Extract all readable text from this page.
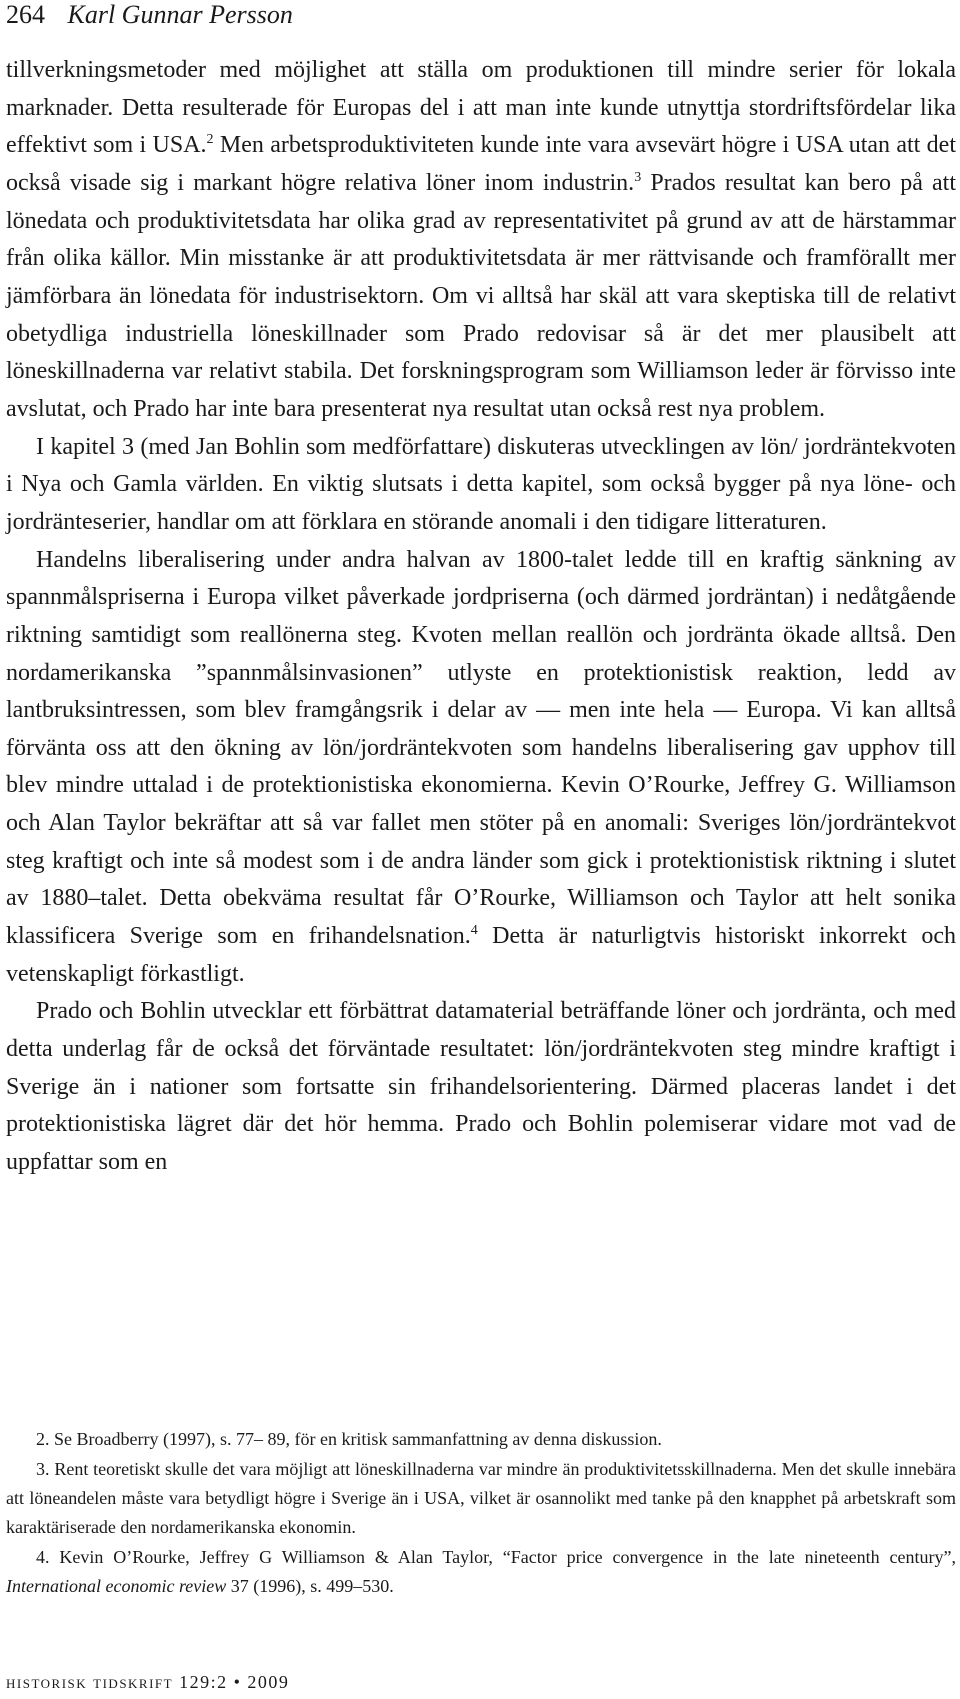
264 Karl Gunnar Persson

tillverkningsmetoder med möjlighet att ställa om produktionen till mindre serier för lokala marknader. Detta resulterade för Europas del i att man inte kunde utnyttja stordriftsfördelar lika effektivt som i USA.$^2$ Men arbetsproduktiviteten kunde inte vara avsevärt högre i USA utan att det också visade sig i markant högre relativa löner inom industrin.$^3$ Prados resultat kan bero på att lönedata och produktivitetsdata har olika grad av representativitet på grund av att de härstammar från olika källor. Min misstanke är att produktivitetsdata är mer rättvisande och framförallt mer jämförbara än lönedata för industrisektorn. Om vi alltså har skäl att vara skeptiska till de relativt obetydliga industriella löneskillnader som Prado redovisar så är det mer plausibelt att löneskillnaderna var relativt stabila. Det forskningsprogram som Williamson leder är förvisso inte avslutat, och Prado har inte bara presenterat nya resultat utan också rest nya problem.

I kapitel 3 (med Jan Bohlin som medförfattare) diskuteras utvecklingen av lön/ jordräntekvoten i Nya och Gamla världen. En viktig slutsats i detta kapitel, som också bygger på nya löne- och jordränteserier, handlar om att förklara en störande anomali i den tidigare litteraturen.

Handelns liberalisering under andra halvan av 1800-talet ledde till en kraftig sänkning av spannmålspriserna i Europa vilket påverkade jordpriserna (och därmed jordräntan) i nedåtgående riktning samtidigt som reallönerna steg. Kvoten mellan reallön och jordränta ökade alltså. Den nordamerikanska ”spannmålsinvasionen” utlyste en protektionistisk reaktion, ledd av lantbruksintressen, som blev framgångsrik i delar av — men inte hela — Europa. Vi kan alltså förvänta oss att den ökning av lön/jordräntekvoten som handelns liberalisering gav upphov till blev mindre uttalad i de protektionistiska ekonomierna. Kevin O’Rourke, Jeffrey G. Williamson och Alan Taylor bekräftar att så var fallet men stöter på en anomali: Sveriges lön/jordräntekvot steg kraftigt och inte så modest som i de andra länder som gick i protektionistisk riktning i slutet av 1880–talet. Detta obekväma resultat får O’Rourke, Williamson och Taylor att helt sonika klassificera Sverige som en frihandelsnation.$^4$ Detta är naturligtvis historiskt inkorrekt och vetenskapligt förkastligt.

Prado och Bohlin utvecklar ett förbättrat datamaterial beträffande löner och jordränta, och med detta underlag får de också det förväntade resultatet: lön/jordräntekvoten steg mindre kraftigt i Sverige än i nationer som fortsatte sin frihandelsorientering. Därmed placeras landet i det protektionistiska lägret där det hör hemma. Prado och Bohlin polemiserar vidare mot vad de uppfattar som en

2. Se Broadberry (1997), s. 77– 89, för en kritisk sammanfattning av denna diskussion.

3. Rent teoretiskt skulle det vara möjligt att löneskillnaderna var mindre än produktivitetsskillnaderna. Men det skulle innebära att löneandelen måste vara betydligt högre i Sverige än i USA, vilket är osannolikt med tanke på den knapphet på arbetskraft som karaktäriserade den nordamerikanska ekonomin.

4. Kevin O’Rourke, Jeffrey G Williamson & Alan Taylor, “Factor price convergence in the late nineteenth century”, International economic review 37 (1996), s. 499–530.

historisk tidskrift 129:2 • 2009
